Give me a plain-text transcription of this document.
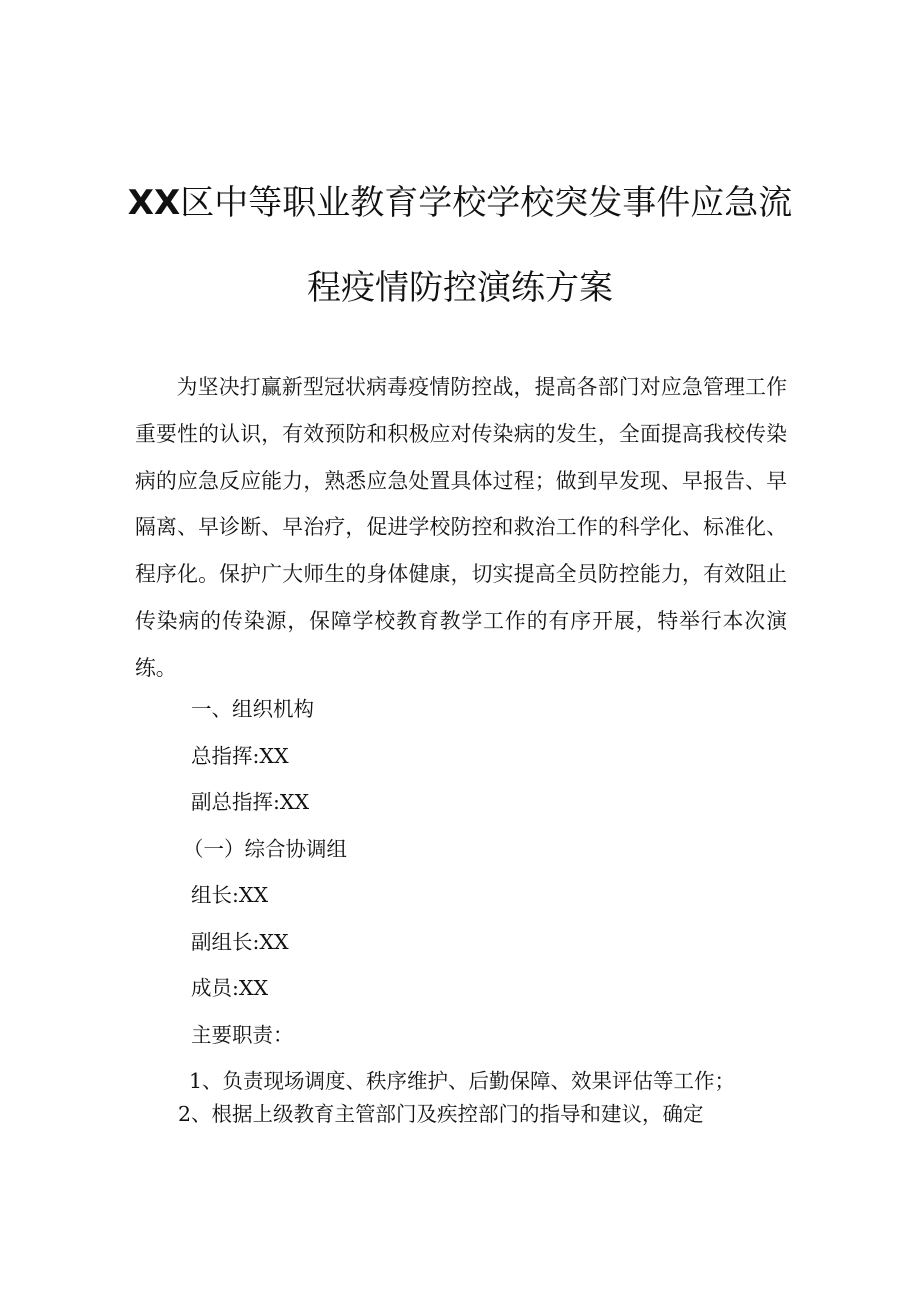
XX区中等职业教育学校学校突发事件应急流
程疫情防控演练方案

为坚决打赢新型冠状病毒疫情防控战，提高各部门对应急管理工作重要性的认识，有效预防和积极应对传染病的发生，全面提高我校传染病的应急反应能力，熟悉应急处置具体过程；做到早发现、早报告、早隔离、早诊断、早治疗，促进学校防控和救治工作的科学化、标准化、程序化。保护广大师生的身体健康，切实提高全员防控能力，有效阻止传染病的传染源，保障学校教育教学工作的有序开展，特举行本次演练。

一、组织机构

总指挥:XX

副总指挥:XX

（一）综合协调组

组长:XX

副组长:XX

成员:XX

主要职责：

1、负责现场调度、秩序维护、后勤保障、效果评估等工作；

2、根据上级教育主管部门及疾控部门的指导和建议，确定
